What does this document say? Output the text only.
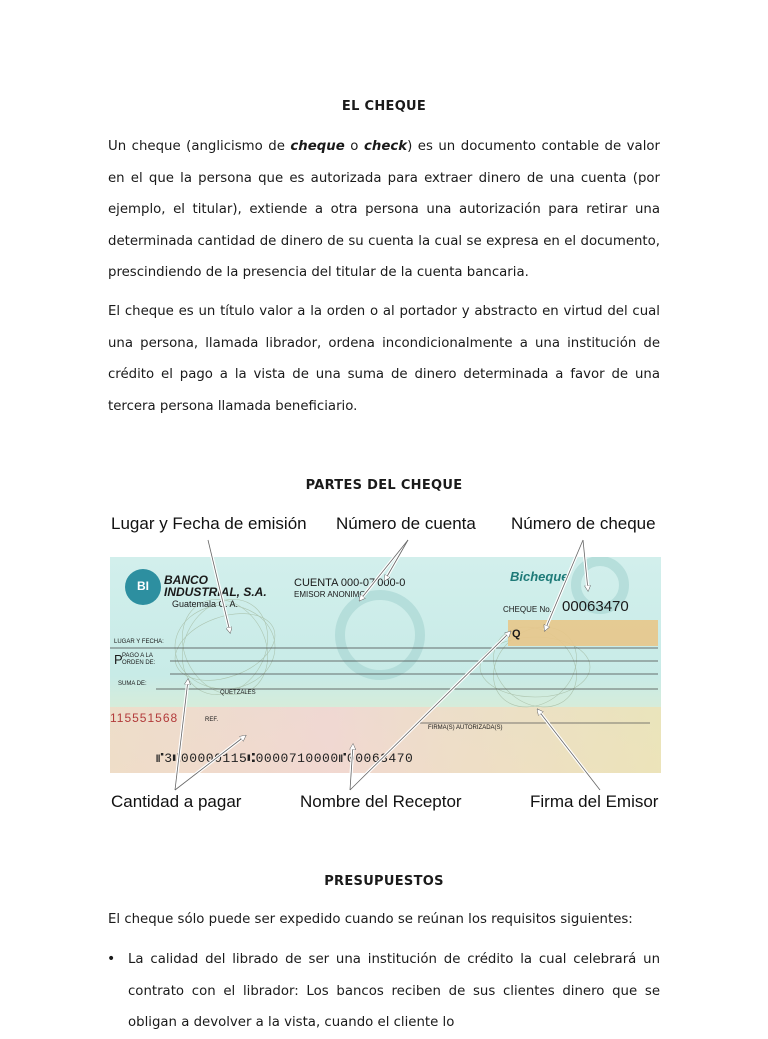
EL CHEQUE

Un cheque (anglicismo de cheque o check) es un documento contable de valor en el que la persona que es autorizada para extraer dinero de una cuenta (por ejemplo, el titular), extiende a otra persona una autorización para retirar una determinada cantidad de dinero de su cuenta la cual se expresa en el documento, prescindiendo de la presencia del titular de la cuenta bancaria.

El cheque es un título valor a la orden o al portador y abstracto en virtud del cual una persona, llamada librador, ordena incondicionalmente a una institución de crédito el pago a la vista de una suma de dinero determinada a favor de una tercera persona llamada beneficiario.

PARTES DEL CHEQUE
Lugar y Fecha de emisión Número de cuenta Número de cheque
Cantidad a pagar	Nombre del Receptor	Firma del Emisor
BI BANCO
INDUSTRIAL, S.A.
Guatemala C. A.
CUENTA 000-07'000-0
EMISOR ANONIMO
Bicheque
CHEQUE No. 00063470
Q
LUGAR Y FECHA:
PAGO A LA
ORDEN DE:
P
SUMA DE:
QUETZALES
115551568	REF.
FIRMA(S) AUTORIZADA(S)
⑈3⑆00000115⑆0000710000⑈00063470
PRESUPUESTOS

El cheque sólo puede ser expedido cuando se reúnan los requisitos siguientes:

• La calidad del librado de ser una institución de crédito la cual celebrará un contrato con el librador: Los bancos reciben de sus clientes dinero que se obligan a devolver a la vista, cuando el cliente lo
